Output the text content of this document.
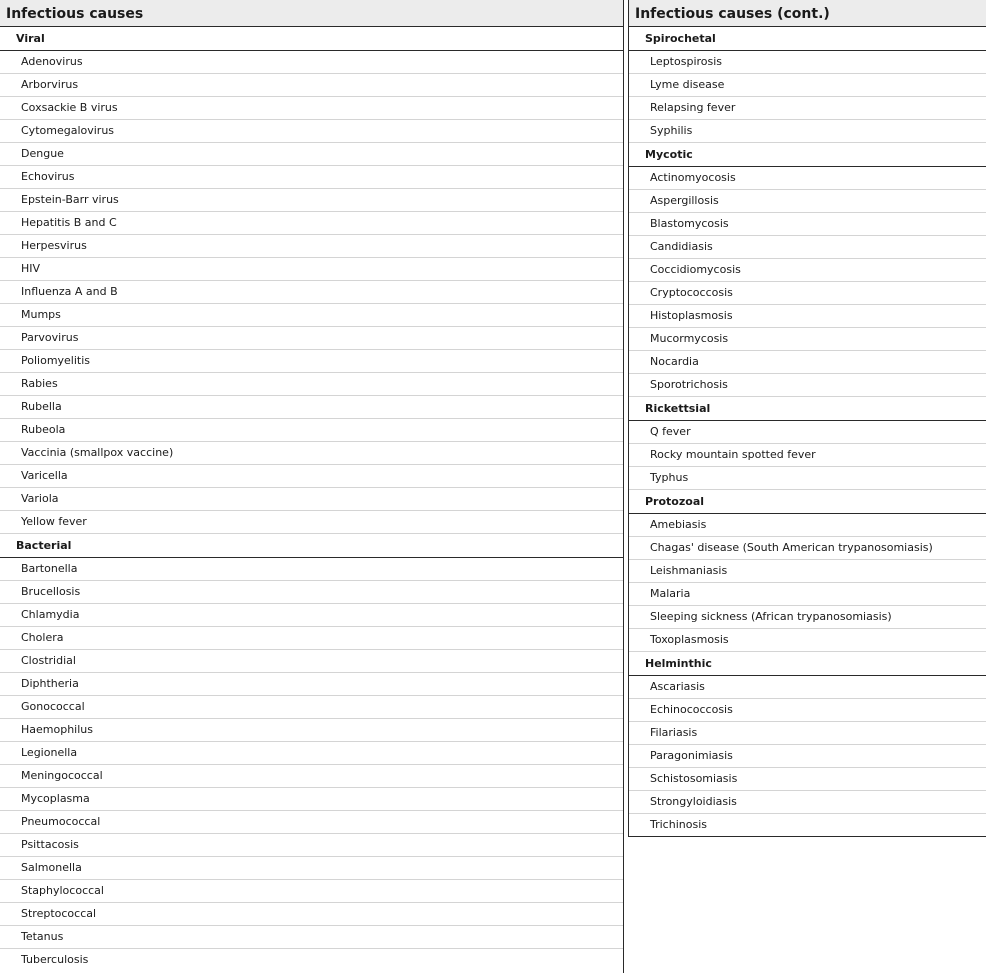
Infectious causes
Viral
Adenovirus
Arborvirus
Coxsackie B virus
Cytomegalovirus
Dengue
Echovirus
Epstein-Barr virus
Hepatitis B and C
Herpesvirus
HIV
Influenza A and B
Mumps
Parvovirus
Poliomyelitis
Rabies
Rubella
Rubeola
Vaccinia (smallpox vaccine)
Varicella
Variola
Yellow fever
Bacterial
Bartonella
Brucellosis
Chlamydia
Cholera
Clostridial
Diphtheria
Gonococcal
Haemophilus
Legionella
Meningococcal
Mycoplasma
Pneumococcal
Psittacosis
Salmonella
Staphylococcal
Streptococcal
Tetanus
Tuberculosis
Infectious causes (cont.)
Spirochetal
Leptospirosis
Lyme disease
Relapsing fever
Syphilis
Mycotic
Actinomyocosis
Aspergillosis
Blastomycosis
Candidiasis
Coccidiomycosis
Cryptococcosis
Histoplasmosis
Mucormycosis
Nocardia
Sporotrichosis
Rickettsial
Q fever
Rocky mountain spotted fever
Typhus
Protozoal
Amebiasis
Chagas' disease (South American trypanosomiasis)
Leishmaniasis
Malaria
Sleeping sickness (African trypanosomiasis)
Toxoplasmosis
Helminthic
Ascariasis
Echinococcosis
Filariasis
Paragonimiasis
Schistosomiasis
Strongyloidiasis
Trichinosis
